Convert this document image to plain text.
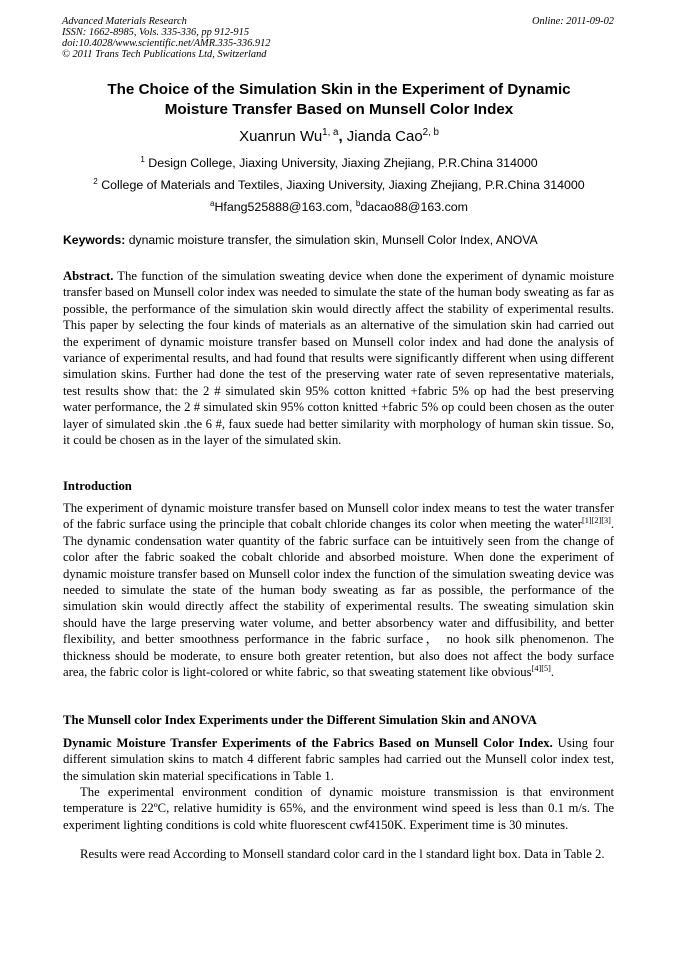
Advanced Materials Research
ISSN: 1662-8985, Vols. 335-336, pp 912-915
doi:10.4028/www.scientific.net/AMR.335-336.912
© 2011 Trans Tech Publications Ltd, Switzerland
Online: 2011-09-02
The Choice of the Simulation Skin in the Experiment of Dynamic
Moisture Transfer Based on Munsell Color Index
Xuanrun Wu$^{1, a}$, Jianda Cao$^{2, b}$
$^1$ Design College, Jiaxing University, Jiaxing Zhejiang, P.R.China 314000
$^2$ College of Materials and Textiles, Jiaxing University, Jiaxing Zhejiang, P.R.China 314000
$^a$Hfang525888@163.com, $^b$dacao88@163.com
Keywords: dynamic moisture transfer, the simulation skin, Munsell Color Index, ANOVA
Abstract. The function of the simulation sweating device when done the experiment of dynamic moisture transfer based on Munsell color index was needed to simulate the state of the human body sweating as far as possible, the performance of the simulation skin would directly affect the stability of experimental results. This paper by selecting the four kinds of materials as an alternative of the simulation skin had carried out the experiment of dynamic moisture transfer based on Munsell color index and had done the analysis of variance of experimental results, and had found that results were significantly different when using different simulation skins. Further had done the test of the preserving water rate of seven representative materials, test results show that: the 2 # simulated skin 95% cotton knitted +fabric 5% op had the best preserving water performance, the 2 # simulated skin 95% cotton knitted +fabric 5% op could been chosen as the outer layer of simulated skin .the 6 #, faux suede had better similarity with morphology of human skin tissue. So, it could be chosen as in the layer of the simulated skin.
Introduction
The experiment of dynamic moisture transfer based on Munsell color index means to test the water transfer of the fabric surface using the principle that cobalt chloride changes its color when meeting the water[1][2][3]. The dynamic condensation water quantity of the fabric surface can be intuitively seen from the change of color after the fabric soaked the cobalt chloride and absorbed moisture. When done the experiment of dynamic moisture transfer based on Munsell color index the function of the simulation sweating device was needed to simulate the state of the human body sweating as far as possible, the performance of the simulation skin would directly affect the stability of experimental results. The sweating simulation skin should have the large preserving water volume, and better absorbency water and diffusibility, and better flexibility, and better smoothness performance in the fabric surface， no hook silk phenomenon. The thickness should be moderate, to ensure both greater retention, but also does not affect the body surface area, the fabric color is light-colored or white fabric, so that sweating statement like obvious[4][5].
The Munsell color Index Experiments under the Different Simulation Skin and ANOVA
Dynamic Moisture Transfer Experiments of the Fabrics Based on Munsell Color Index. Using four different simulation skins to match 4 different fabric samples had carried out the Munsell color index test, the simulation skin material specifications in Table 1.
The experimental environment condition of dynamic moisture transmission is that environment temperature is 22ºC, relative humidity is 65%, and the environment wind speed is less than 0.1 m/s. The experiment lighting conditions is cold white fluorescent cwf4150K. Experiment time is 30 minutes.
Results were read According to Monsell standard color card in the l standard light box. Data in Table 2.
